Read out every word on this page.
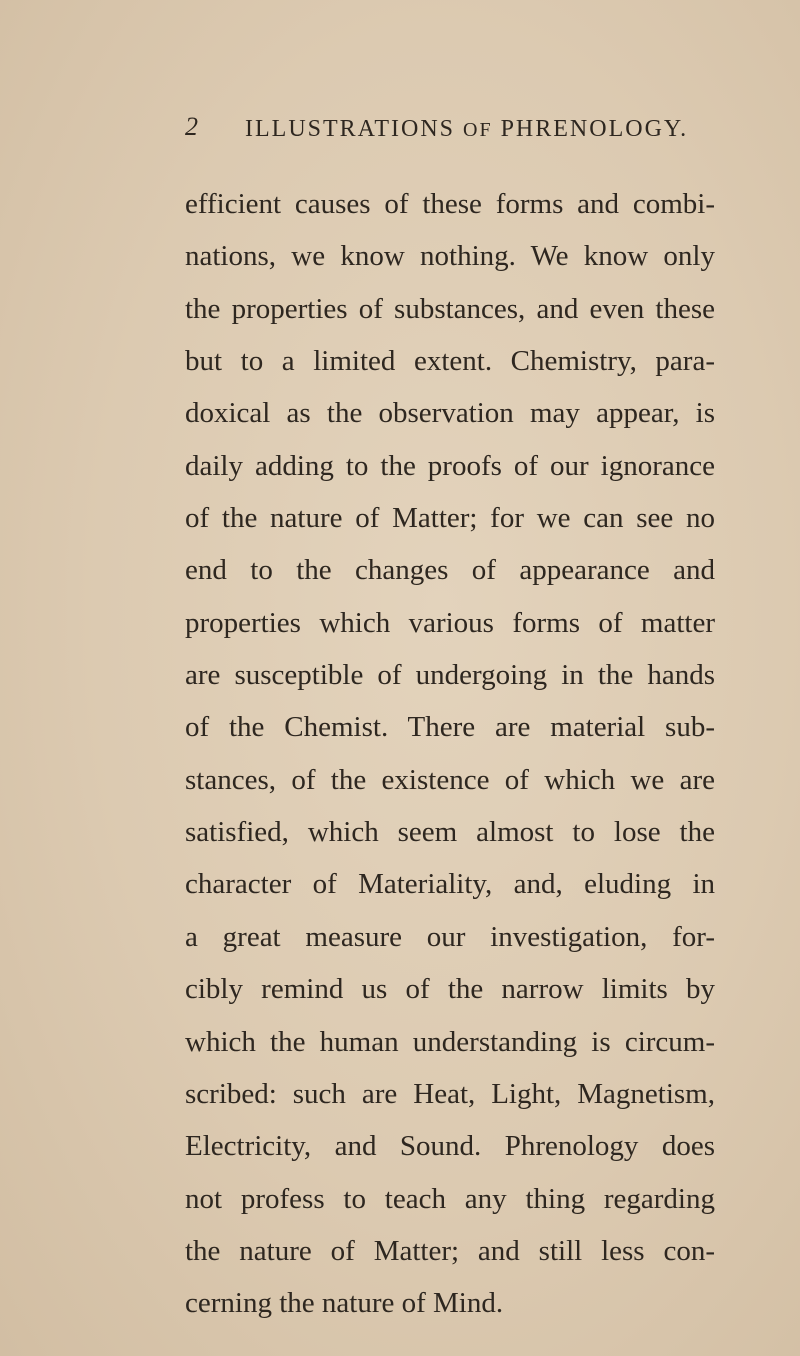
2 ILLUSTRATIONS OF PHRENOLOGY.
efficient causes of these forms and combi-
nations, we know nothing. We know only
the properties of substances, and even these
but to a limited extent. Chemistry, para-
doxical as the observation may appear, is
daily adding to the proofs of our ignorance
of the nature of Matter; for we can see no
end to the changes of appearance and
properties which various forms of matter
are susceptible of undergoing in the hands
of the Chemist. There are material sub-
stances, of the existence of which we are
satisfied, which seem almost to lose the
character of Materiality, and, eluding in
a great measure our investigation, for-
cibly remind us of the narrow limits by
which the human understanding is circum-
scribed: such are Heat, Light, Magnetism,
Electricity, and Sound. Phrenology does
not profess to teach any thing regarding
the nature of Matter; and still less con-
cerning the nature of Mind.
